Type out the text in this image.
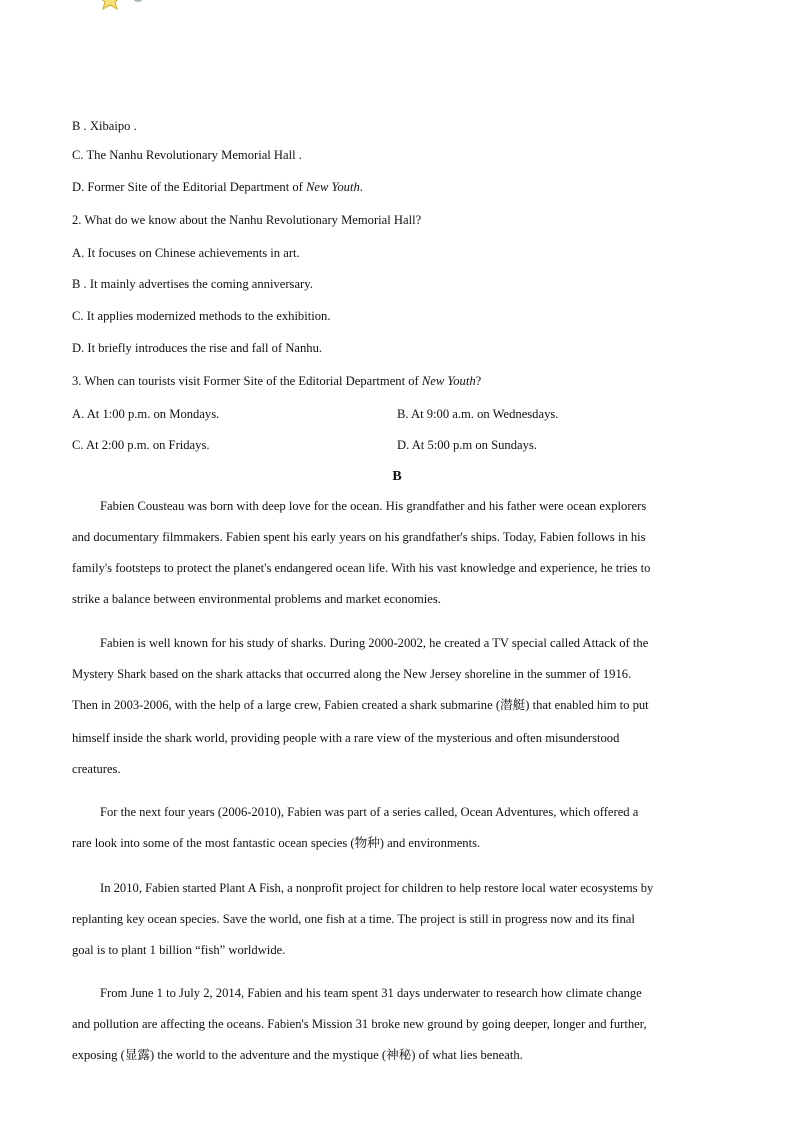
B . Xibaipo .
C. The Nanhu Revolutionary Memorial Hall .
D. Former Site of the Editorial Department of New Youth.
2. What do we know about the Nanhu Revolutionary Memorial Hall?
A. It focuses on Chinese achievements in art.
B . It mainly advertises the coming anniversary.
C. It applies modernized methods to the exhibition.
D. It briefly introduces the rise and fall of Nanhu.
3. When can tourists visit Former Site of the Editorial Department of New Youth?
A. At 1:00 p.m. on Mondays.	B. At 9:00 a.m. on Wednesdays.
C. At 2:00 p.m. on Fridays.	D. At 5:00 p.m on Sundays.
B
Fabien Cousteau was born with deep love for the ocean. His grandfather and his father were ocean explorers
and documentary filmmakers. Fabien spent his early years on his grandfather's ships. Today, Fabien follows in his
family's footsteps to protect the planet's endangered ocean life. With his vast knowledge and experience, he tries to
strike a balance between environmental problems and market economies.
Fabien is well known for his study of sharks. During 2000-2002, he created a TV special called Attack of the
Mystery Shark based on the shark attacks that occurred along the New Jersey shoreline in the summer of 1916.
Then in 2003-2006, with the help of a large crew, Fabien created a shark submarine (潜艇) that enabled him to put
himself inside the shark world, providing people with a rare view of the mysterious and often misunderstood
creatures.
For the next four years (2006-2010), Fabien was part of a series called, Ocean Adventures, which offered a
rare look into some of the most fantastic ocean species (物种) and environments.
In 2010, Fabien started Plant A Fish, a nonprofit project for children to help restore local water ecosystems by
replanting key ocean species. Save the world, one fish at a time. The project is still in progress now and its final
goal is to plant 1 billion “fish” worldwide.
From June 1 to July 2, 2014, Fabien and his team spent 31 days underwater to research how climate change
and pollution are affecting the oceans. Fabien's Mission 31 broke new ground by going deeper, longer and further,
exposing (显露) the world to the adventure and the mystique (神秘) of what lies beneath.
